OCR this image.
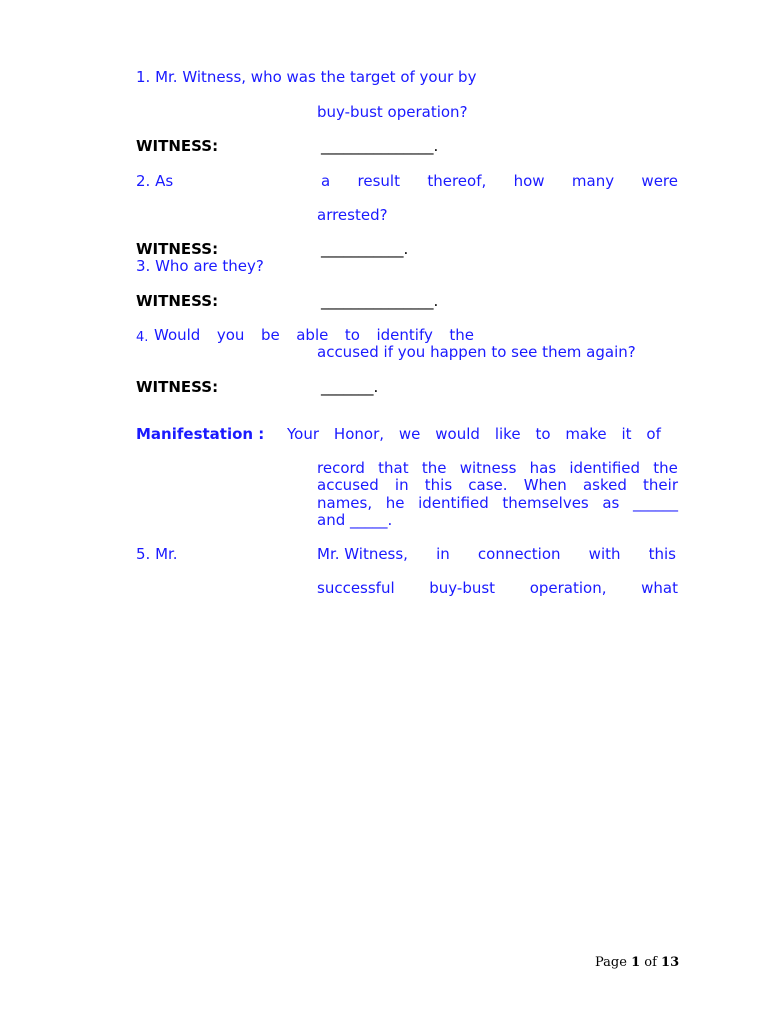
1. Mr. Witness, who was the target of your by
buy-bust operation?
WITNESS:	_______________.
2. As	a result thereof, how many were
arrested?
WITNESS:	___________.
3. Who are they?
WITNESS:	_______________.
4. Would you be able to identify the
accused if you happen to see them again?
WITNESS:	_______.
Manifestation : Your Honor, we would like to make it of
record that the witness has identified the
accused in this case. When asked their
names, he identified themselves as ______
and _____.
5. Mr.	Mr. Witness, in connection with this
successful buy-bust operation, what
Page 1 of 13
